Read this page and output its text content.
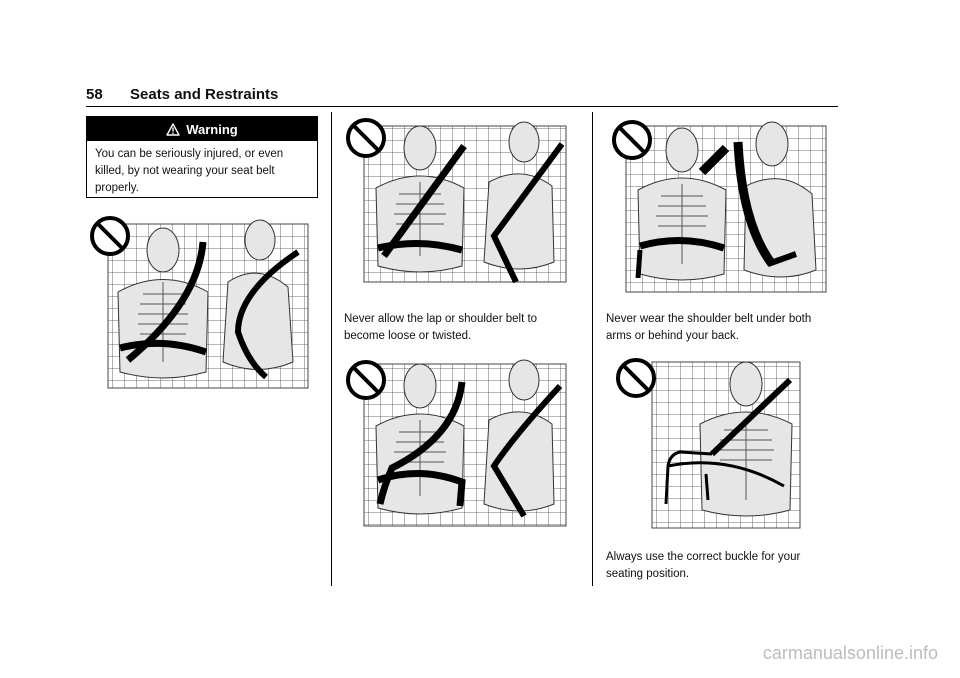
58 Seats and Restraints
Warning
You can be seriously injured, or even killed, by not wearing your seat belt properly.
Never allow the lap or shoulder belt to become loose or twisted.
Never wear the shoulder belt under both arms or behind your back.
Always use the correct buckle for your seating position.
carmanualsonline.info
